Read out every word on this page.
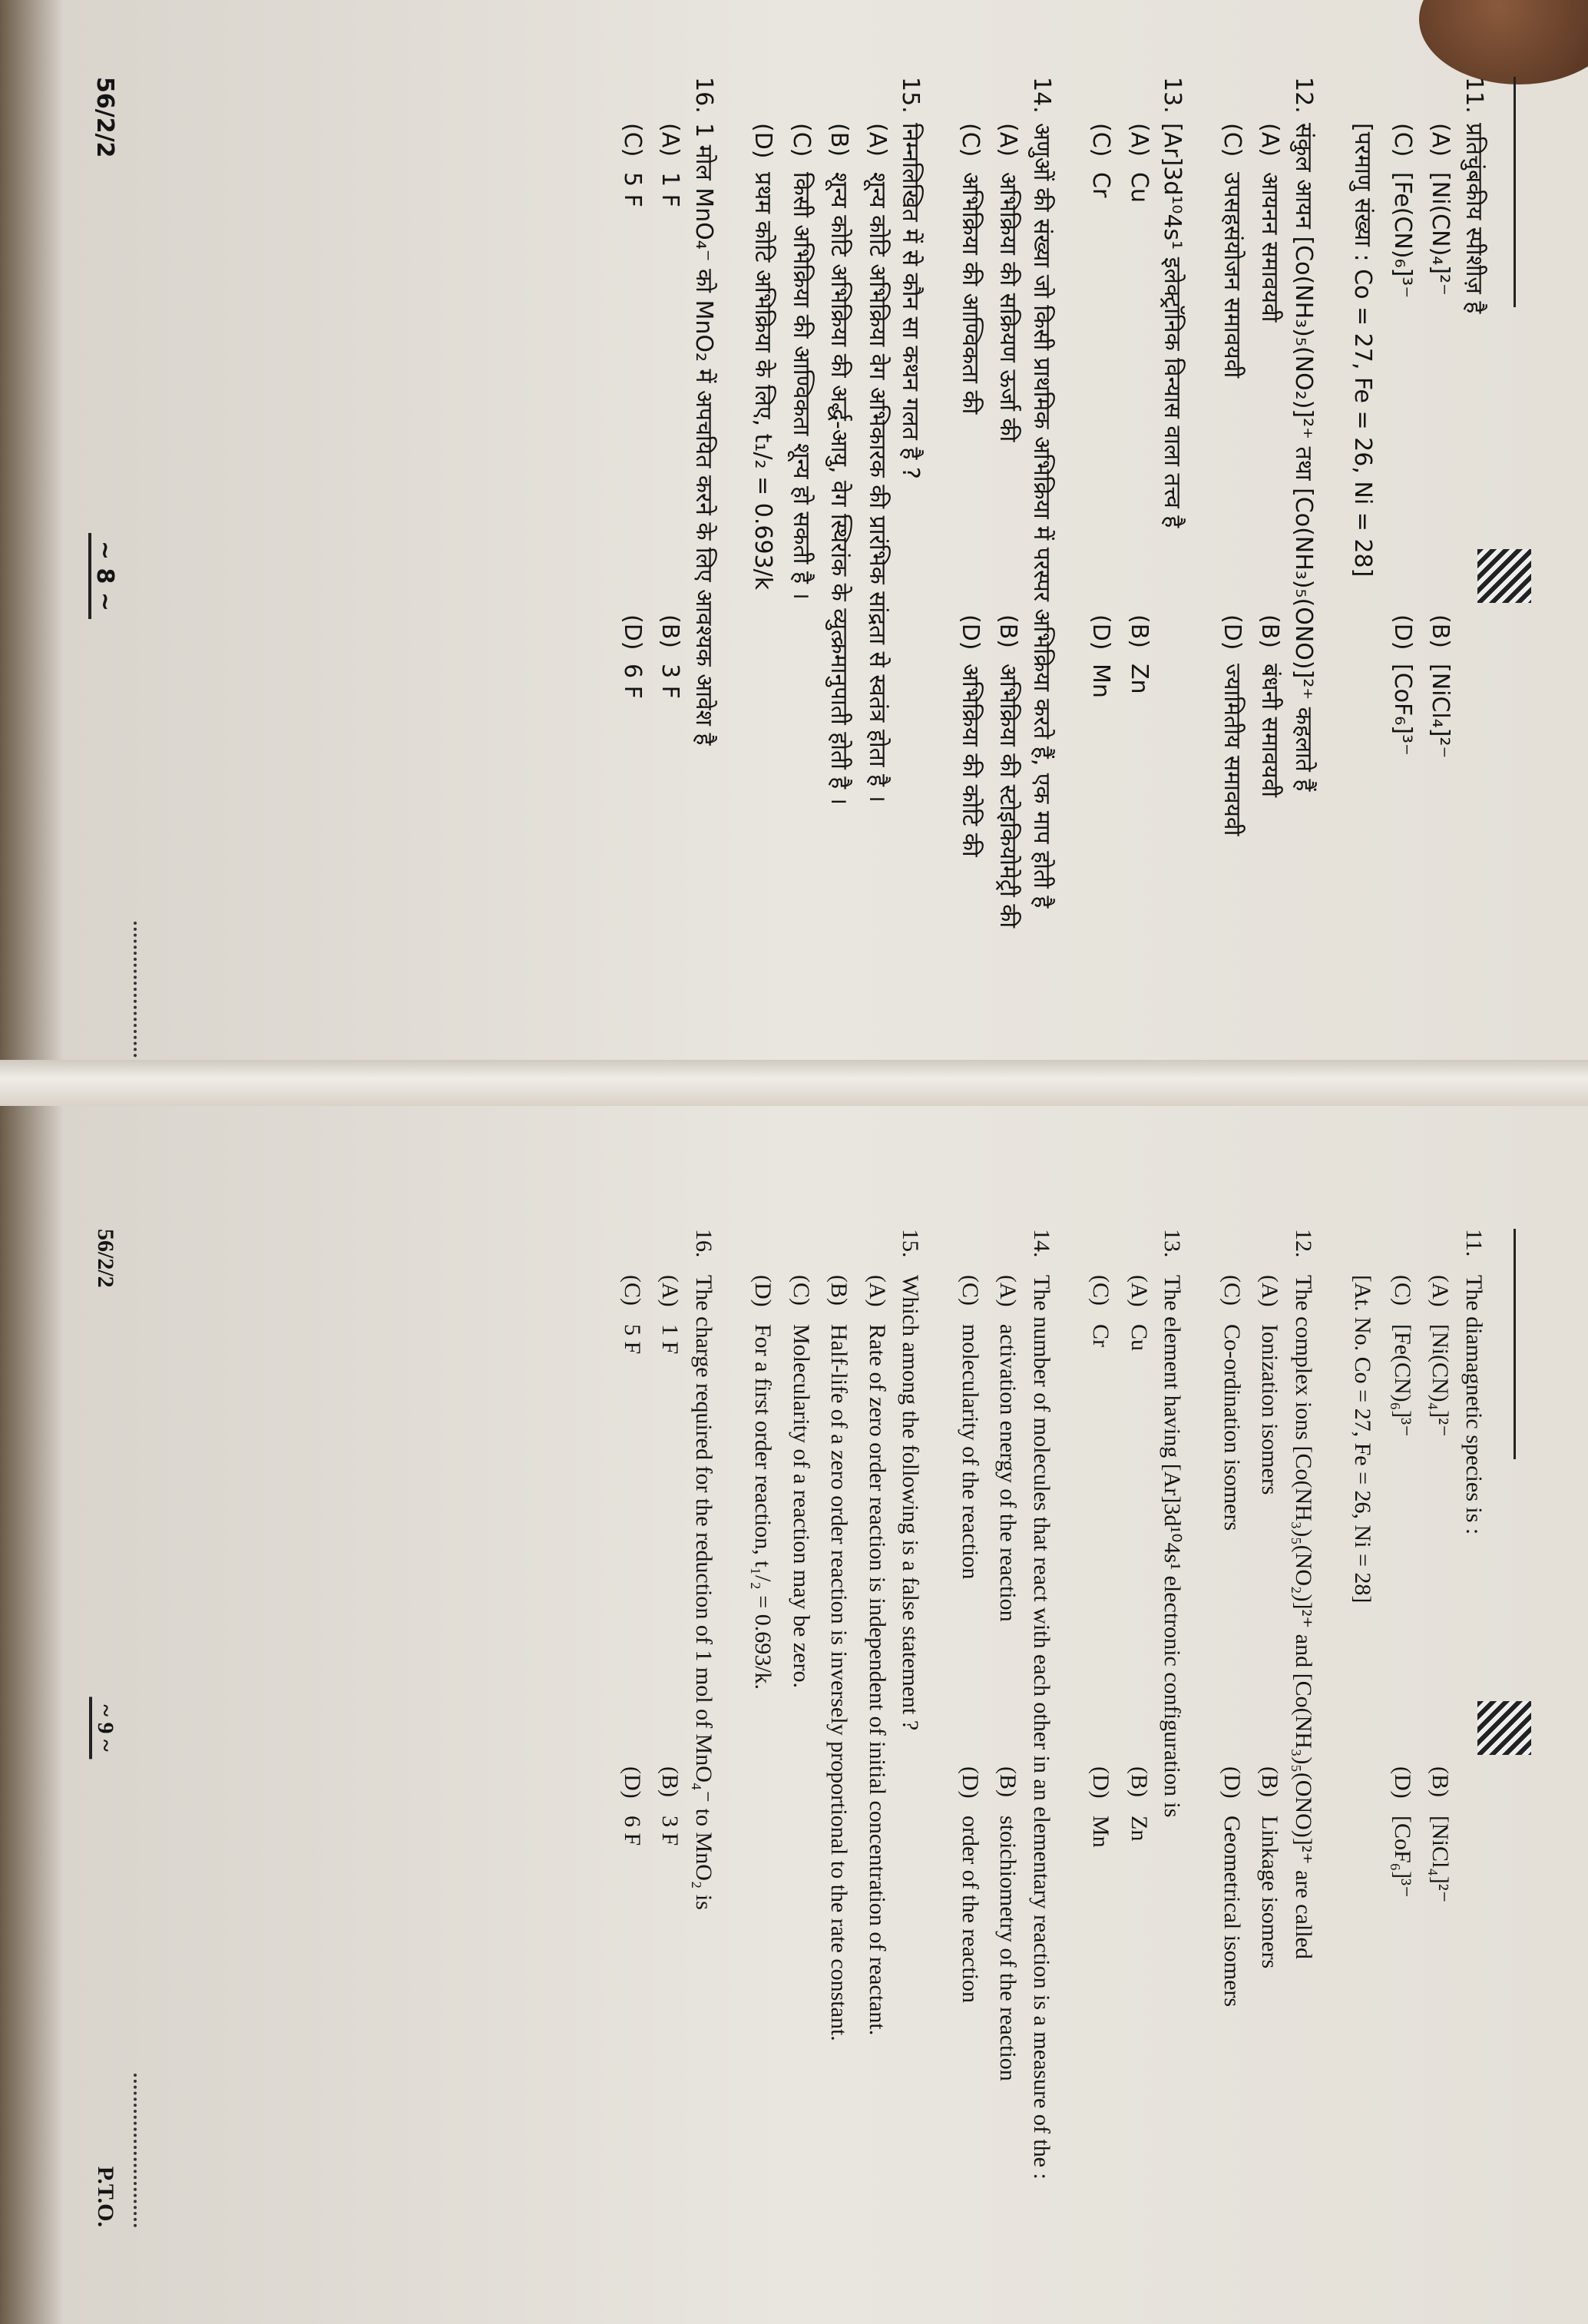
11.
प्रतिचुंबकीय स्पीशीज़ है
(A)
[Ni(CN)₄]²⁻
(B)
[NiCl₄]²⁻
(C)
[Fe(CN)₆]³⁻
(D)
[CoF₆]³⁻
[परमाणु संख्या : Co = 27, Fe = 26, Ni = 28]
12.
संकुल आयन [Co(NH₃)₅(NO₂)]²⁺ तथा [Co(NH₃)₅(ONO)]²⁺ कहलाते हैं
(A)
आयनन समावयवी
(B)
बंधनी समावयवी
(C)
उपसहसंयोजन समावयवी
(D)
ज्यामितीय समावयवी
13.
[Ar]3d¹⁰4s¹ इलेक्ट्रॉनिक विन्यास वाला तत्त्व है
(A)
Cu
(B)
Zn
(C)
Cr
(D)
Mn
14.
अणुओं की संख्या जो किसी प्राथमिक अभिक्रिया में परस्पर अभिक्रिया करते हैं, एक माप होती है
(A)
अभिक्रिया की सक्रियण ऊर्जा की
(B)
अभिक्रिया की स्टोइकियोमेट्री की
(C)
अभिक्रिया की आण्विकता की
(D)
अभिक्रिया की कोटि की
15.
निम्नलिखित में से कौन सा कथन गलत है ?
(A)
शून्य कोटि अभिक्रिया वेग अभिकारक की प्रारंभिक सांद्रता से स्वतंत्र होता है ।
(B)
शून्य कोटि अभिक्रिया की अर्द्ध-आयु, वेग स्थिरांक के व्युत्क्रमानुपाती होती है ।
(C)
किसी अभिक्रिया की आण्विकता शून्य हो सकती है ।
(D)
प्रथम कोटि अभिक्रिया के लिए, t₁/₂ = 0.693/k
16.
1 मोल MnO₄⁻ को MnO₂ में अपचयित करने के लिए आवश्यक आवेश है
(A)
1 F
(B)
3 F
(C)
5 F
(D)
6 F
56/2/2
~ 8 ~
11.
The diamagnetic species is :
(A)
[Ni(CN)₄]²⁻
(B)
[NiCl₄]²⁻
(C)
[Fe(CN)₆]³⁻
(D)
[CoF₆]³⁻
[At. No. Co = 27, Fe = 26, Ni = 28]
12.
The complex ions [Co(NH₃)₅(NO₂)]²⁺ and [Co(NH₃)₅(ONO)]²⁺ are called
(A)
Ionization isomers
(B)
Linkage isomers
(C)
Co-ordination isomers
(D)
Geometrical isomers
13.
The element having [Ar]3d¹⁰4s¹ electronic configuration is
(A)
Cu
(B)
Zn
(C)
Cr
(D)
Mn
14.
The number of molecules that react with each other in an elementary reaction is a measure of the :
(A)
activation energy of the reaction
(B)
stoichiometry of the reaction
(C)
molecularity of the reaction
(D)
order of the reaction
15.
Which among the following is a false statement ?
(A)
Rate of zero order reaction is independent of initial concentration of reactant.
(B)
Half-life of a zero order reaction is inversely proportional to the rate constant.
(C)
Molecularity of a reaction may be zero.
(D)
For a first order reaction, t₁/₂ = 0.693/k.
16.
The charge required for the reduction of 1 mol of MnO₄⁻ to MnO₂ is
(A)
1 F
(B)
3 F
(C)
5 F
(D)
6 F
56/2/2
~ 9 ~
P.T.O.
